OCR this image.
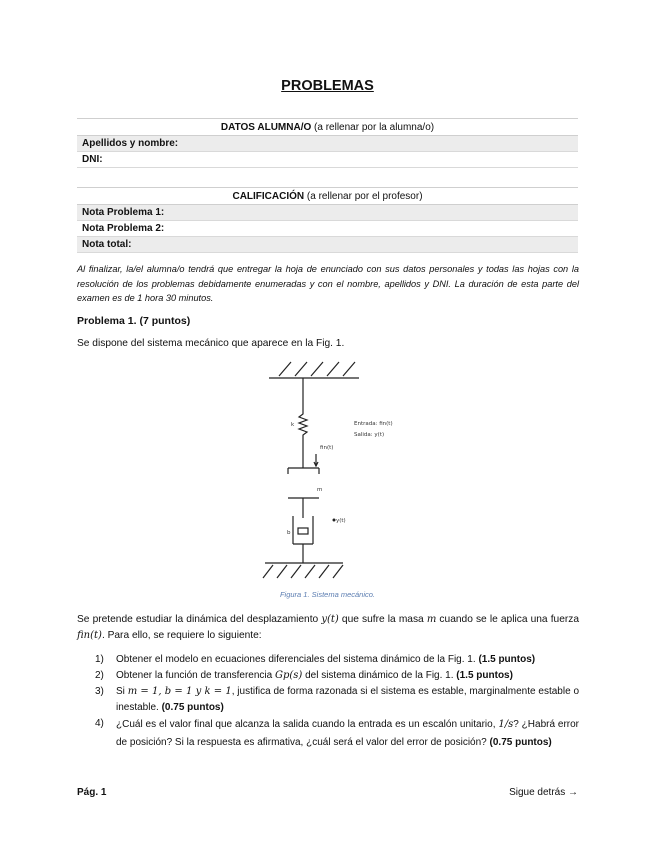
PROBLEMAS
DATOS ALUMNA/O (a rellenar por la alumna/o)	
Apellidos y nombre:	
DNI:	
CALIFICACIÓN (a rellenar por el profesor)	
Nota Problema 1:	
Nota Problema 2:	
Nota total:	
Al finalizar, la/el alumna/o tendrá que entregar la hoja de enunciado con sus datos personales y todas las hojas con la resolución de los problemas debidamente enumeradas y con el nombre, apellidos y DNI. La duración de esta parte del examen es de 1 hora 30 minutos.
Problema 1. (7 puntos)
Se dispone del sistema mecánico que aparece en la Fig. 1.
k	Entrada: fin(t)
Salida: y(t)
fin(t)
m
y(t)
b
Figura 1. Sistema mecánico.
Se pretende estudiar la dinámica del desplazamiento y(t) que sufre la masa m cuando se le aplica una fuerza fin(t). Para ello, se requiere lo siguiente:
1) Obtener el modelo en ecuaciones diferenciales del sistema dinámico de la Fig. 1. (1.5 puntos)
2) Obtener la función de transferencia Gp(s) del sistema dinámico de la Fig. 1. (1.5 puntos)
3) Si m = 1, b = 1 y k = 1, justifica de forma razonada si el sistema es estable, marginalmente estable o inestable. (0.75 puntos)
4) ¿Cuál es el valor final que alcanza la salida cuando la entrada es un escalón unitario, 1/s? ¿Habrá error de posición? Si la respuesta es afirmativa, ¿cuál será el valor del error de posición? (0.75 puntos)
Pág. 1	Sigue detrás →
